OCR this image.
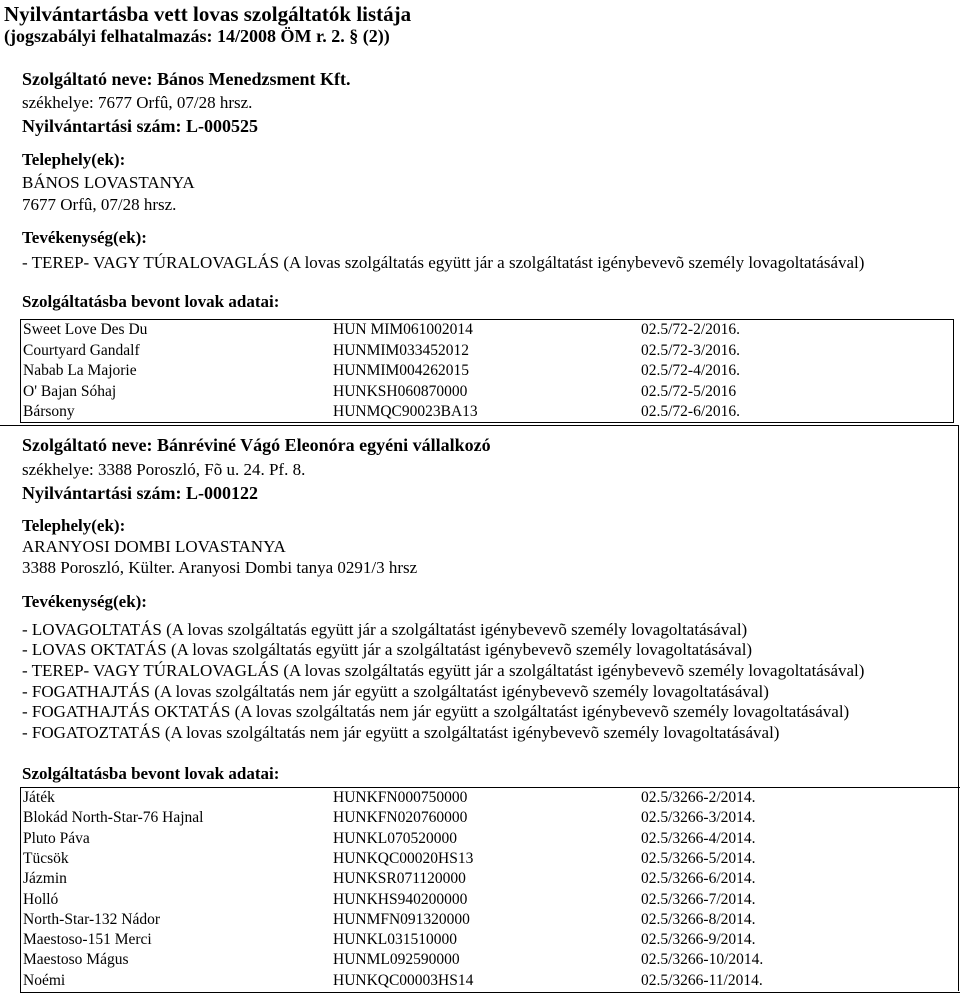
Nyilvántartásba vett lovas szolgáltatók listája
(jogszabályi felhatalmazás: 14/2008 ÖM r. 2. § (2))
Szolgáltató neve: Bános Menedzsment Kft.
székhelye: 7677 Orfû, 07/28 hrsz.
Nyilvántartási szám: L-000525
Telephely(ek):
BÁNOS LOVASTANYA
7677 Orfû, 07/28 hrsz.
Tevékenység(ek):
- TEREP- VAGY TÚRALOVAGLÁS (A lovas szolgáltatás együtt jár a szolgáltatást igénybevevõ személy lovagoltatásával)
Szolgáltatásba bevont lovak adatai:
Sweet Love Des Du	HUN MIM061002014	02.5/72-2/2016.
Courtyard Gandalf	HUNMIM033452012	02.5/72-3/2016.
Nabab La Majorie	HUNMIM004262015	02.5/72-4/2016.
O' Bajan Sóhaj	HUNKSH060870000	02.5/72-5/2016
Bársony	HUNMQC90023BA13	02.5/72-6/2016.
Szolgáltató neve: Bánréviné Vágó Eleonóra egyéni vállalkozó
székhelye: 3388 Poroszló, Fõ u. 24. Pf. 8.
Nyilvántartási szám: L-000122
Telephely(ek):
ARANYOSI DOMBI LOVASTANYA
3388 Poroszló, Külter. Aranyosi Dombi tanya 0291/3 hrsz
Tevékenység(ek):
- LOVAGOLTATÁS (A lovas szolgáltatás együtt jár a szolgáltatást igénybevevõ személy lovagoltatásával)
- LOVAS OKTATÁS (A lovas szolgáltatás együtt jár a szolgáltatást igénybevevõ személy lovagoltatásával)
- TEREP- VAGY TÚRALOVAGLÁS (A lovas szolgáltatás együtt jár a szolgáltatást igénybevevõ személy lovagoltatásával)
- FOGATHAJTÁS (A lovas szolgáltatás nem jár együtt a szolgáltatást igénybevevõ személy lovagoltatásával)
- FOGATHAJTÁS OKTATÁS (A lovas szolgáltatás nem jár együtt a szolgáltatást igénybevevõ személy lovagoltatásával)
- FOGATOZTATÁS (A lovas szolgáltatás nem jár együtt a szolgáltatást igénybevevõ személy lovagoltatásával)
Szolgáltatásba bevont lovak adatai:
Játék	HUNKFN000750000	02.5/3266-2/2014.
Blokád North-Star-76 Hajnal	HUNKFN020760000	02.5/3266-3/2014.
Pluto Páva	HUNKL070520000	02.5/3266-4/2014.
Tücsök	HUNKQC00020HS13	02.5/3266-5/2014.
Jázmin	HUNKSR071120000	02.5/3266-6/2014.
Holló	HUNKHS940200000	02.5/3266-7/2014.
North-Star-132 Nádor	HUNMFN091320000	02.5/3266-8/2014.
Maestoso-151 Merci	HUNKL031510000	02.5/3266-9/2014.
Maestoso Mágus	HUNML092590000	02.5/3266-10/2014.
Noémi	HUNKQC00003HS14	02.5/3266-11/2014.
